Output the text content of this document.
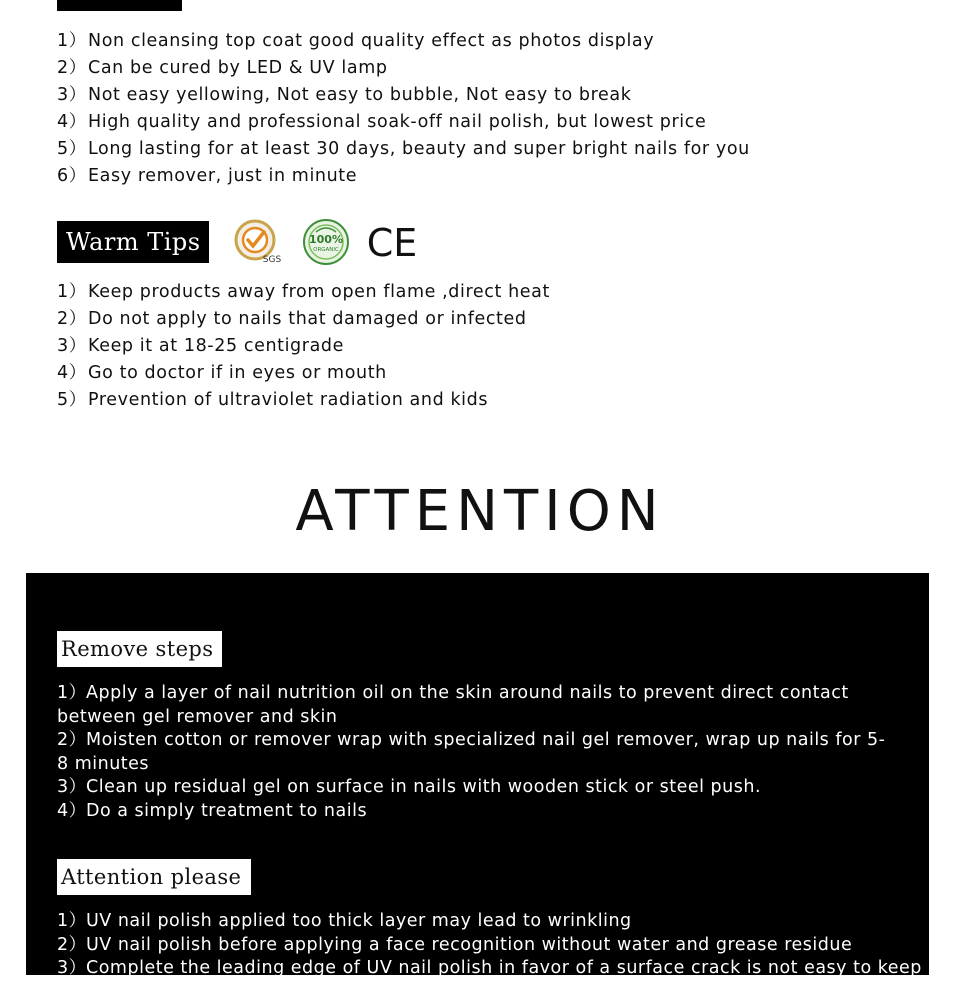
1）Non cleansing top coat good quality effect as photos display
2）Can be cured by LED & UV lamp
3）Not easy yellowing, Not easy to bubble, Not easy to break
4）High quality and professional soak-off nail polish, but lowest price
5）Long lasting for at least 30 days, beauty and super bright nails for you
6）Easy remover, just in minute
Warm Tips
SGS
100%
ORGANIC CE
1）Keep products away from open flame ,direct heat
2）Do not apply to nails that damaged or infected
3）Keep it at 18-25 centigrade
4）Go to doctor if in eyes or mouth
5）Prevention of ultraviolet radiation and kids
ATTENTION
Remove steps
1）Apply a layer of nail nutrition oil on the skin around nails to prevent direct contact between gel remover and skin
2）Moisten cotton or remover wrap with specialized nail gel remover, wrap up nails for 5-8 minutes
3）Clean up residual gel on surface in nails with wooden stick or steel push.
4）Do a simply treatment to nails
Attention please
1）UV nail polish applied too thick layer may lead to wrinkling
2）UV nail polish before applying a face recognition without water and grease residue
3）Complete the leading edge of UV nail polish in favor of a surface crack is not easy to keep
